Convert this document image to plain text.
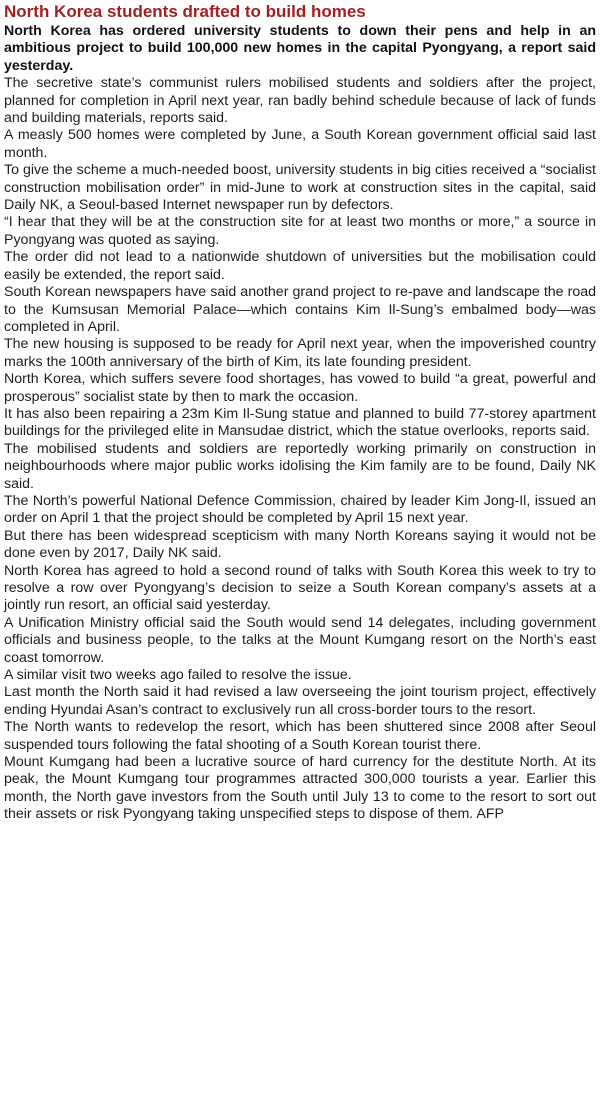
North Korea students drafted to build homes

North Korea has ordered university students to down their pens and help in an ambitious project to build 100,000 new homes in the capital Pyongyang, a report said yesterday.

The secretive state’s communist rulers mobilised students and soldiers after the project, planned for completion in April next year, ran badly behind schedule because of lack of funds and building materials, reports said.

A measly 500 homes were completed by June, a South Korean government official said last month.

To give the scheme a much-needed boost, university students in big cities received a “socialist construction mobilisation order” in mid-June to work at construction sites in the capital, said Daily NK, a Seoul-based Internet newspaper run by defectors.

“I hear that they will be at the construction site for at least two months or more,” a source in Pyongyang was quoted as saying.

The order did not lead to a nationwide shutdown of universities but the mobilisation could easily be extended, the report said.

South Korean newspapers have said another grand project to re-pave and landscape the road to the Kumsusan Memorial Palace—which contains Kim Il-Sung’s embalmed body—was completed in April.

The new housing is supposed to be ready for April next year, when the impoverished country marks the 100th anniversary of the birth of Kim, its late founding president.

North Korea, which suffers severe food shortages, has vowed to build “a great, powerful and prosperous” socialist state by then to mark the occasion.

It has also been repairing a 23m Kim Il-Sung statue and planned to build 77-storey apartment buildings for the privileged elite in Mansudae district, which the statue overlooks, reports said.

The mobilised students and soldiers are reportedly working primarily on construction in neighbourhoods where major public works idolising the Kim family are to be found, Daily NK said.

The North’s powerful National Defence Commission, chaired by leader Kim Jong-Il, issued an order on April 1 that the project should be completed by April 15 next year.

But there has been widespread scepticism with many North Koreans saying it would not be done even by 2017, Daily NK said.

North Korea has agreed to hold a second round of talks with South Korea this week to try to resolve a row over Pyongyang’s decision to seize a South Korean company’s assets at a jointly run resort, an official said yesterday.

A Unification Ministry official said the South would send 14 delegates, including government officials and business people, to the talks at the Mount Kumgang resort on the North’s east coast tomorrow.

A similar visit two weeks ago failed to resolve the issue.

Last month the North said it had revised a law overseeing the joint tourism project, effectively ending Hyundai Asan’s contract to exclusively run all cross-border tours to the resort.

The North wants to redevelop the resort, which has been shuttered since 2008 after Seoul suspended tours following the fatal shooting of a South Korean tourist there.

Mount Kumgang had been a lucrative source of hard currency for the destitute North. At its peak, the Mount Kumgang tour programmes attracted 300,000 tourists a year. Earlier this month, the North gave investors from the South until July 13 to come to the resort to sort out their assets or risk Pyongyang taking unspecified steps to dispose of them. AFP
